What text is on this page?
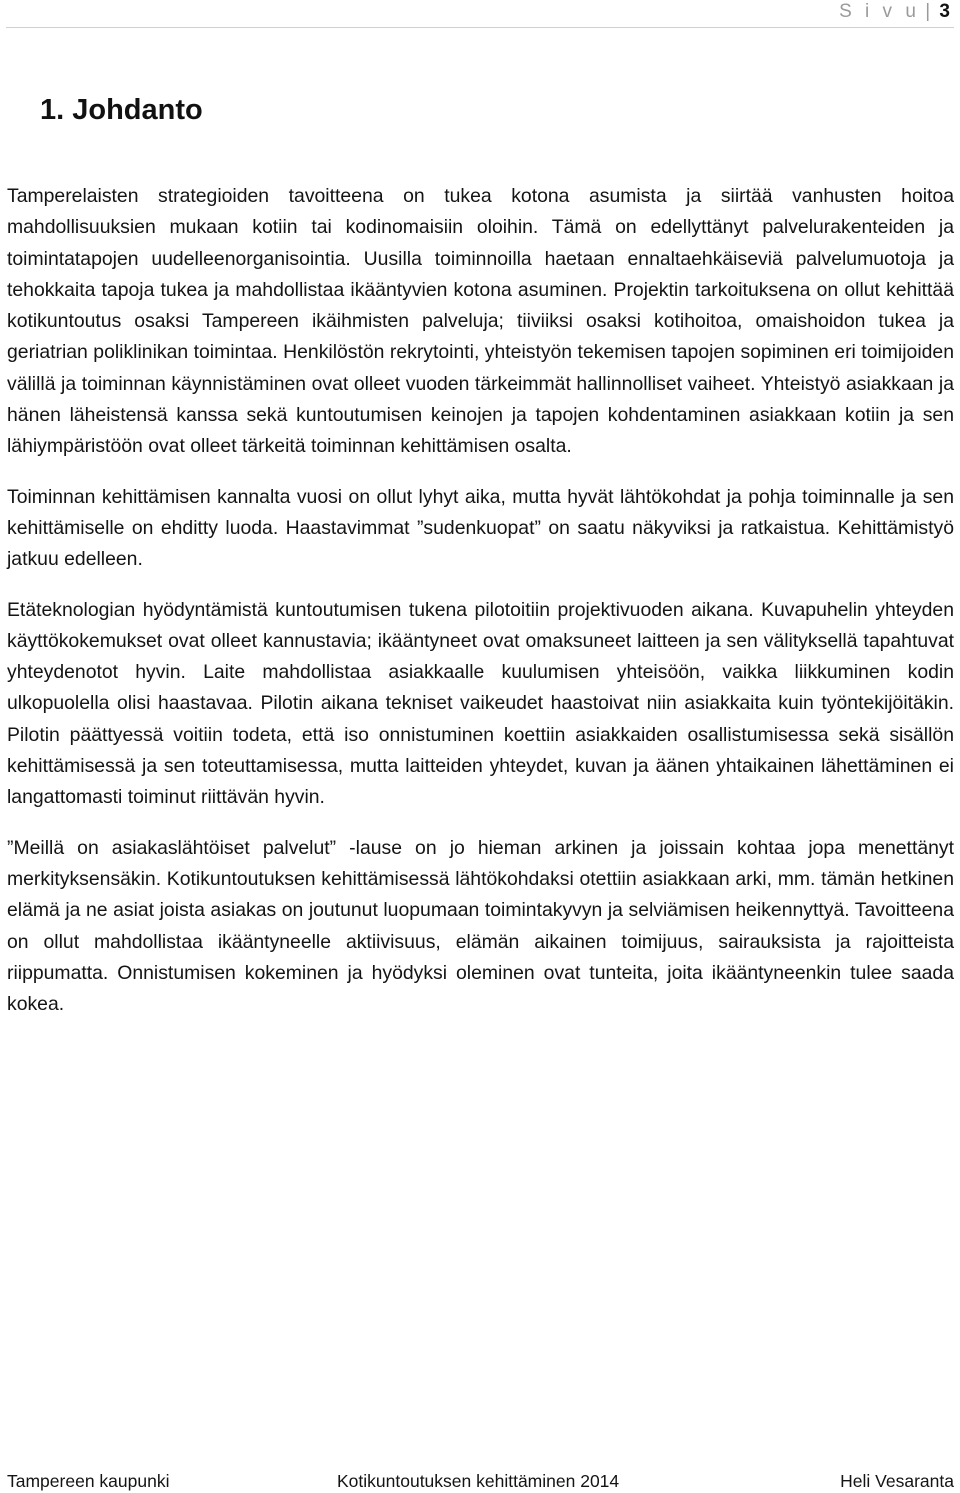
S i v u | 3
1. Johdanto

Tamperelaisten strategioiden tavoitteena on tukea kotona asumista ja siirtää vanhusten hoitoa mahdollisuuksien mukaan kotiin tai kodinomaisiin oloihin. Tämä on edellyttänyt palvelurakenteiden ja toimintatapojen uudelleenorganisointia. Uusilla toiminnoilla haetaan ennaltaehkäiseviä palvelumuotoja ja tehokkaita tapoja tukea ja mahdollistaa ikääntyvien kotona asuminen. Projektin tarkoituksena on ollut kehittää kotikuntoutus osaksi Tampereen ikäihmisten palveluja; tiiviiksi osaksi kotihoitoa, omaishoidon tukea ja geriatrian poliklinikan toimintaa. Henkilöstön rekrytointi, yhteistyön tekemisen tapojen sopiminen eri toimijoiden välillä ja toiminnan käynnistäminen ovat olleet vuoden tärkeimmät hallinnolliset vaiheet. Yhteistyö asiakkaan ja hänen läheistensä kanssa sekä kuntoutumisen keinojen ja tapojen kohdentaminen asiakkaan kotiin ja sen lähiympäristöön ovat olleet tärkeitä toiminnan kehittämisen osalta.

Toiminnan kehittämisen kannalta vuosi on ollut lyhyt aika, mutta hyvät lähtökohdat ja pohja toiminnalle ja sen kehittämiselle on ehditty luoda. Haastavimmat ”sudenkuopat” on saatu näkyviksi ja ratkaistua. Kehittämistyö jatkuu edelleen.

Etäteknologian hyödyntämistä kuntoutumisen tukena pilotoitiin projektivuoden aikana. Kuvapuhelin yhteyden käyttökokemukset ovat olleet kannustavia; ikääntyneet ovat omaksuneet laitteen ja sen välityksellä tapahtuvat yhteydenotot hyvin. Laite mahdollistaa asiakkaalle kuulumisen yhteisöön, vaikka liikkuminen kodin ulkopuolella olisi haastavaa. Pilotin aikana tekniset vaikeudet haastoivat niin asiakkaita kuin työntekijöitäkin. Pilotin päättyessä voitiin todeta, että iso onnistuminen koettiin asiakkaiden osallistumisessa sekä sisällön kehittämisessä ja sen toteuttamisessa, mutta laitteiden yhteydet, kuvan ja äänen yhtaikainen lähettäminen ei langattomasti toiminut riittävän hyvin.

”Meillä on asiakaslähtöiset palvelut” -lause on jo hieman arkinen ja joissain kohtaa jopa menettänyt merkityksensäkin. Kotikuntoutuksen kehittämisessä lähtökohdaksi otettiin asiakkaan arki, mm. tämän hetkinen elämä ja ne asiat joista asiakas on joutunut luopumaan toimintakyvyn ja selviämisen heikennyttyä. Tavoitteena on ollut mahdollistaa ikääntyneelle aktiivisuus, elämän aikainen toimijuus, sairauksista ja rajoitteista riippumatta. Onnistumisen kokeminen ja hyödyksi oleminen ovat tunteita, joita ikääntyneenkin tulee saada kokea.

Tampereen kaupunki	Kotikuntoutuksen kehittäminen 2014	Heli Vesaranta
